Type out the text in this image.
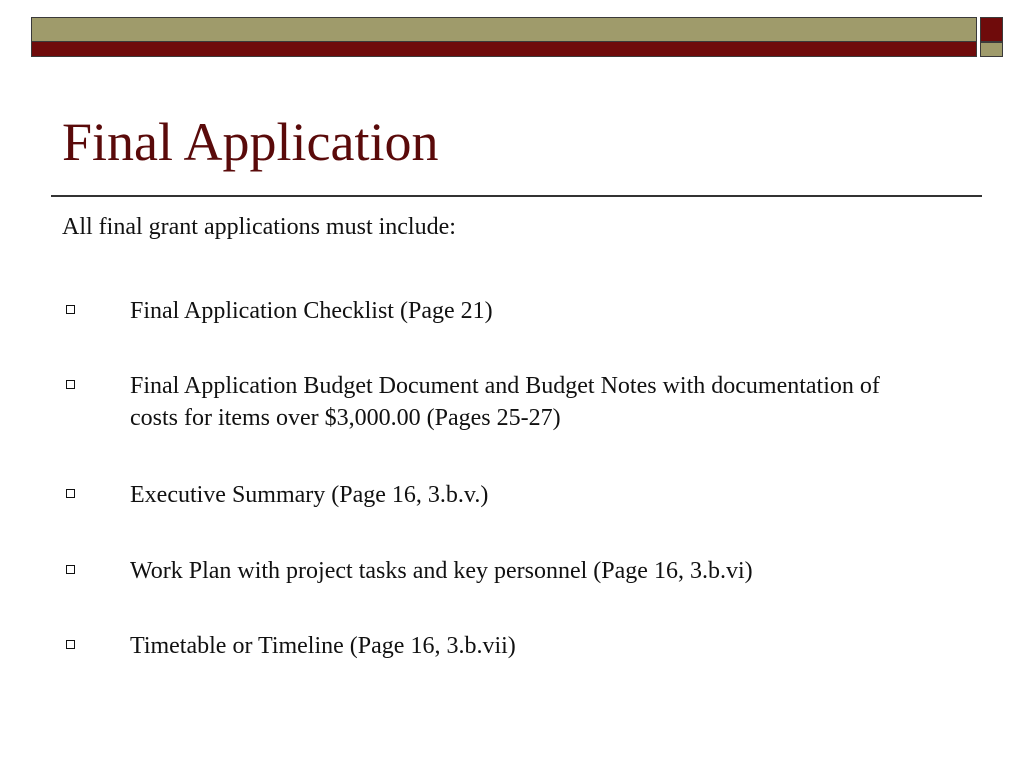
Final Application
All final grant applications must include:
Final Application Checklist (Page 21)
Final Application Budget Document and Budget Notes with documentation of costs for items over $3,000.00 (Pages 25-27)
Executive Summary (Page 16, 3.b.v.)
Work Plan with project tasks and key personnel (Page 16, 3.b.vi)
Timetable or Timeline (Page 16, 3.b.vii)
